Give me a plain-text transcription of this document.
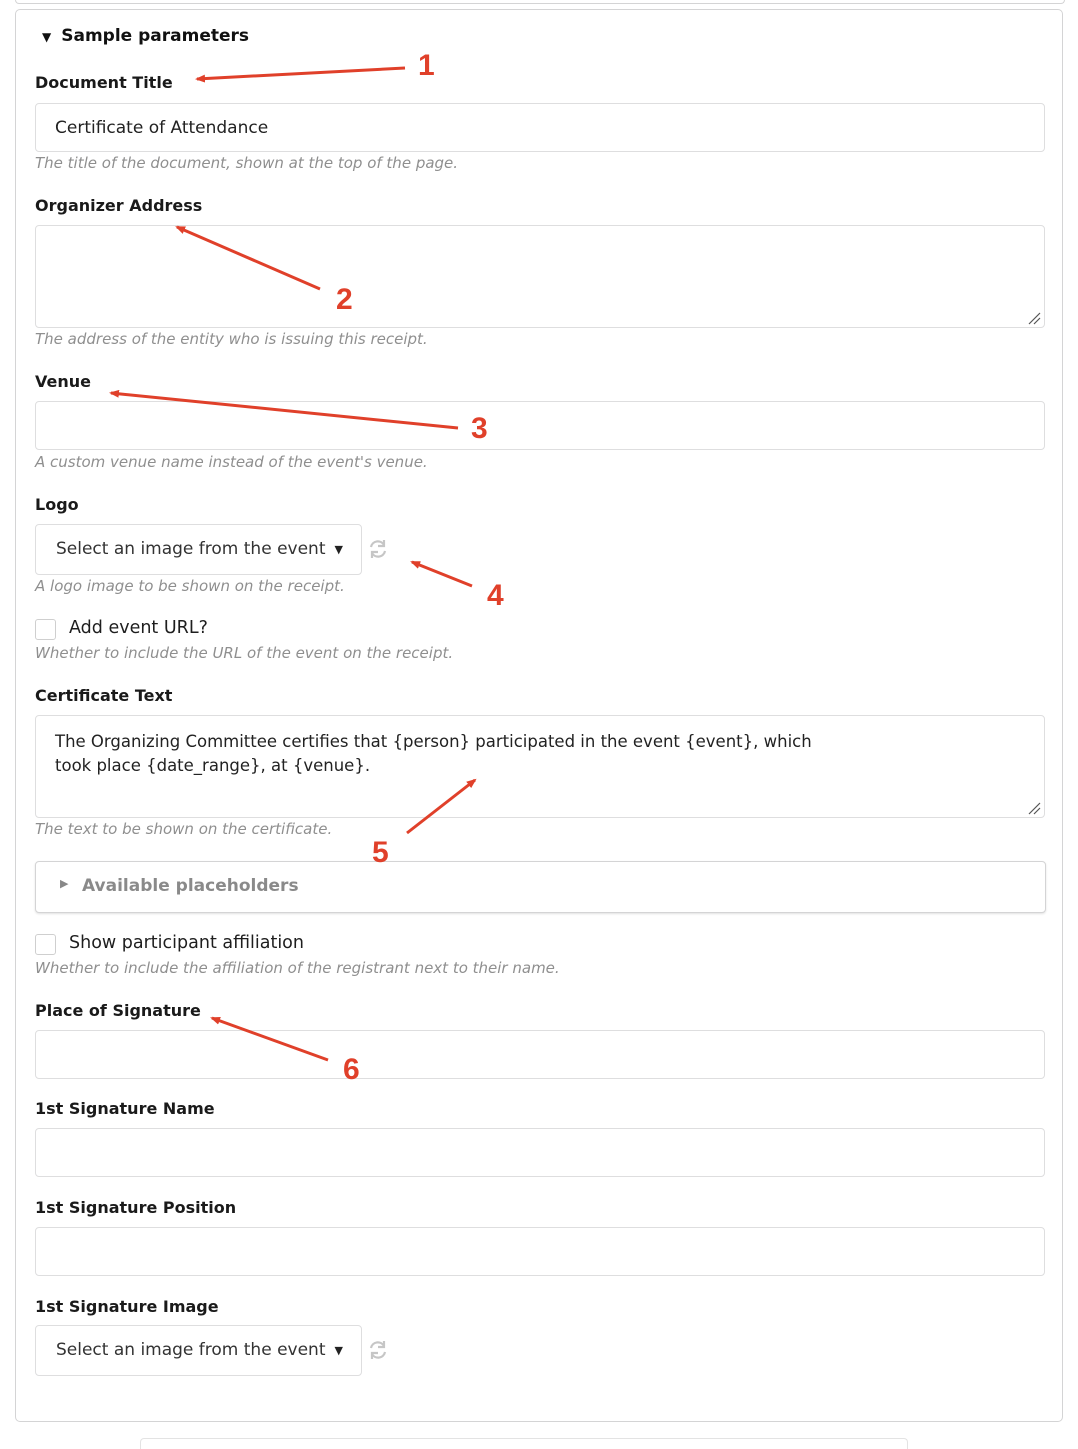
▼ Sample parameters
Document Title
Certificate of Attendance
The title of the document, shown at the top of the page.
Organizer Address
The address of the entity who is issuing this receipt.
Venue
A custom venue name instead of the event's venue.
Logo
Select an image from the event ▼
A logo image to be shown on the receipt.
Add event URL?
Whether to include the URL of the event on the receipt.
Certificate Text
The Organizing Committee certifies that {person} participated in the event {event}, which
took place {date_range}, at {venue}.
The text to be shown on the certificate.
▶ Available placeholders
Show participant affiliation
Whether to include the affiliation of the registrant next to their name.
Place of Signature
1st Signature Name
1st Signature Position
1st Signature Image
Select an image from the event ▼
1
2
3
4
5
6
